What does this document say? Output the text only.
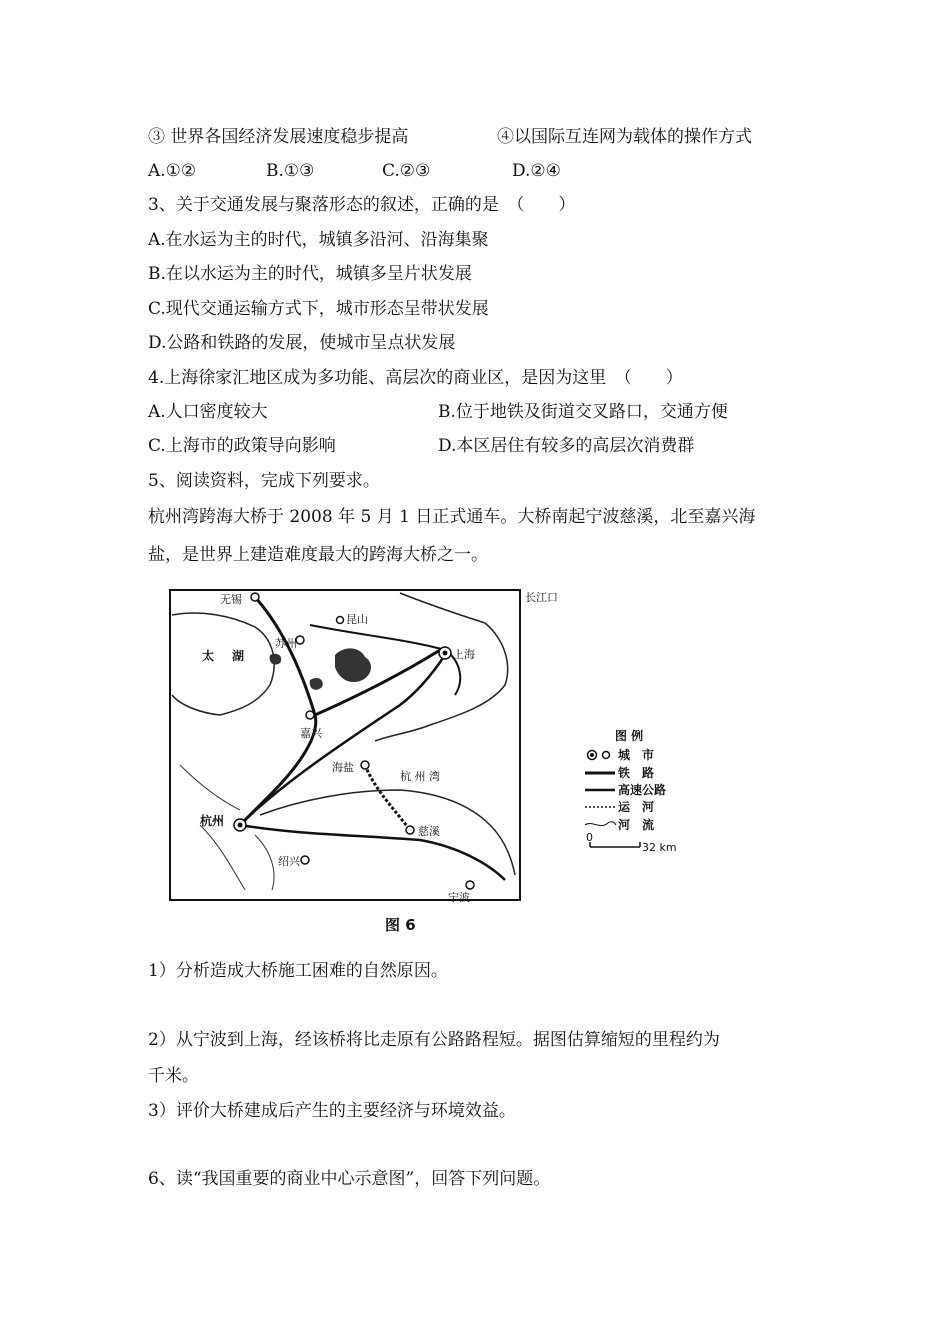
③ 世界各国经济发展速度稳步提高	④以国际互连网为载体的操作方式
A.①②	B.①③	C.②③	D.②④
3、关于交通发展与聚落形态的叙述，正确的是　（　　）
A.在水运为主的时代，城镇多沿河、沿海集聚
B.在以水运为主的时代，城镇多呈片状发展
C.现代交通运输方式下，城市形态呈带状发展
D.公路和铁路的发展，使城市呈点状发展
4.上海徐家汇地区成为多功能、高层次的商业区，是因为这里　（　　）
A.人口密度较大	B.位于地铁及街道交叉路口，交通方便
C.上海市的政策导向影响	D.本区居住有较多的高层次消费群
5、阅读资料，完成下列要求。
杭州湾跨海大桥于 2008 年 5 月 1 日正式通车。大桥南起宁波慈溪，北至嘉兴海
盐，是世界上建造难度最大的跨海大桥之一。
无锡
苏州
昆山
上海
长江口
太 湖
嘉兴
海盐
杭 州 湾
杭州
绍兴
慈溪
宁波
图 例
城　市
铁　路
高速公路
运　河
河　流
0
32 km
图 6
1）分析造成大桥施工困难的自然原因。
2）从宁波到上海，经该桥将比走原有公路路程短。据图估算缩短的里程约为
千米。
3）评价大桥建成后产生的主要经济与环境效益。
6、读“我国重要的商业中心示意图”，回答下列问题。
